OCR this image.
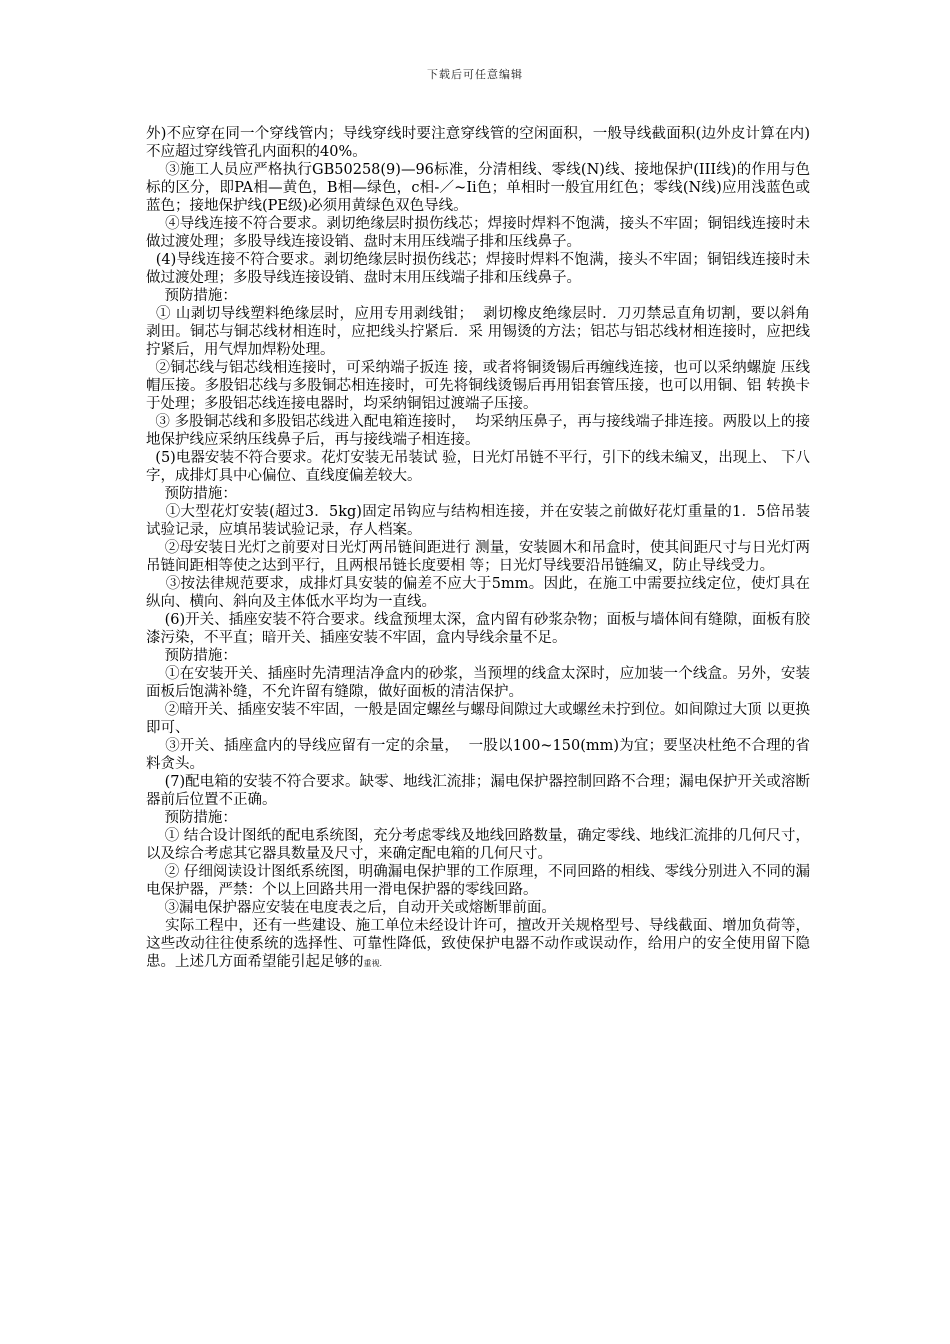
下载后可任意编辑

外)不应穿在同一个穿线管内；导线穿线时要注意穿线管的空闲面积，一般导线截面积(边外皮计算在内)不应超过穿线管孔内面积的40%。

③施工人员应严格执行GB50258(9)—96标准，分清相线、零线(N)线、接地保护(III线)的作用与色标的区分，即PA相—黄色，B相—绿色，c相-／~Ii色；单相时一般宜用红色；零线(N线)应用浅蓝色或蓝色；接地保护线(PE级)必须用黄绿色双色导线。

④导线连接不符合要求。剥切绝缘层时损伤线芯；焊接时焊料不饱满，接头不牢固；铜铝线连接时未做过渡处理；多股导线连接设销、盘时末用压线端子排和压线鼻子。

(4)导线连接不符合要求。剥切绝缘层时损伤线芯；焊接时焊料不饱满，接头不牢固；铜铝线连接时未做过渡处理；多股导线连接设销、盘时末用压线端子排和压线鼻子。

预防措施：

① 山剥切导线塑料绝缘层时，应用专用剥线钳；  剥切橡皮绝缘层时．刀刃禁忌直角切割，要以斜角 剥田。铜芯与铜芯线材相连时，应把线头拧紧后．采 用锡烫的方法；铝芯与铝芯线材相连接时，应把线 拧紧后，用气焊加焊粉处理。

②铜芯线与铝芯线相连接时，可采纳端子扳连 接，或者将铜烫锡后再缠线连接，也可以采纳螺旋 压线帽压接。多股铝芯线与多股铜芯相连接时，可先将铜线烫锡后再用铝套管压接，也可以用铜、铝 转换卡于处理；多股铝芯线连接电器时，均采纳铜铝过渡端子压接。

③ 多股铜芯线和多股铝芯线进入配电箱连接时，  均采纳压鼻子，再与接线端子排连接。两股以上的接 地保护线应采纳压线鼻子后，再与接线端子相连接。

(5)电器安装不符合要求。花灯安装无吊装试 验，日光灯吊链不平行，引下的线未编叉，出现上、 下八字，成排灯具中心偏位、直线度偏差较大。

预防措施：

①大型花灯安装(超过3．5kg)固定吊钩应与结构相连接，并在安装之前做好花灯重量的1．5倍吊装试验记录，应填吊装试验记录，存人档案。

②母安装日光灯之前要对日光灯两吊链间距进行 测量，安装圆木和吊盒时，使其间距尺寸与日光灯两 吊链间距相等使之达到平行，且两根吊链长度要相 等；日光灯导线要沿吊链编叉，防止导线受力。

③按法律规范要求，成排灯具安装的偏差不应大于5mm。因此，在施工中需要拉线定位，使灯具在纵向、横向、斜向及主体低水平均为一直线。

(6)开关、插座安装不符合要求。线盒预埋太深，盒内留有砂浆杂物；面板与墙体间有缝隙，面板有胶漆污染，不平直；暗开关、插座安装不牢固，盒内导线余量不足。

预防措施：

①在安装开关、插座时先清理洁净盒内的砂浆，当预埋的线盒太深时，应加装一个线盒。另外，安装面板后饱满补缝，不允许留有缝隙，做好面板的清洁保护。

②暗开关、插座安装不牢固，一般是固定螺丝与螺母间隙过大或螺丝未拧到位。如间隙过大顶 以更换即可、

③开关、插座盒内的导线应留有一定的余量，  一股以100~150(mm)为宜；要坚决杜绝不合理的省料贪头。

(7)配电箱的安装不符合要求。缺零、地线汇流排；漏电保护器控制回路不合理；漏电保护开关或溶断器前后位置不正确。

预防措施：

① 结合设计图纸的配电系统图，充分考虑零线及地线回路数量，确定零线、地线汇流排的几何尺寸，以及综合考虑其它器具数量及尺寸，来确定配电箱的几何尺寸。

② 仔细阅读设计图纸系统图，明确漏电保护罪的工作原理，不同回路的相线、零线分别进入不同的漏电保护器，严禁：个以上回路共用一滑电保护器的零线回路。

③漏电保护器应安装在电度表之后，自动开关或熔断罪前面。

实际工程中，还有一些建设、施工单位未经设计许可，擅改开关规格型号、导线截面、增加负荷等，这些改动往往使系统的选择性、可靠性降低，致使保护电器不动作或误动作，给用户的安全使用留下隐患。上述几方面希望能引起足够的重视.
